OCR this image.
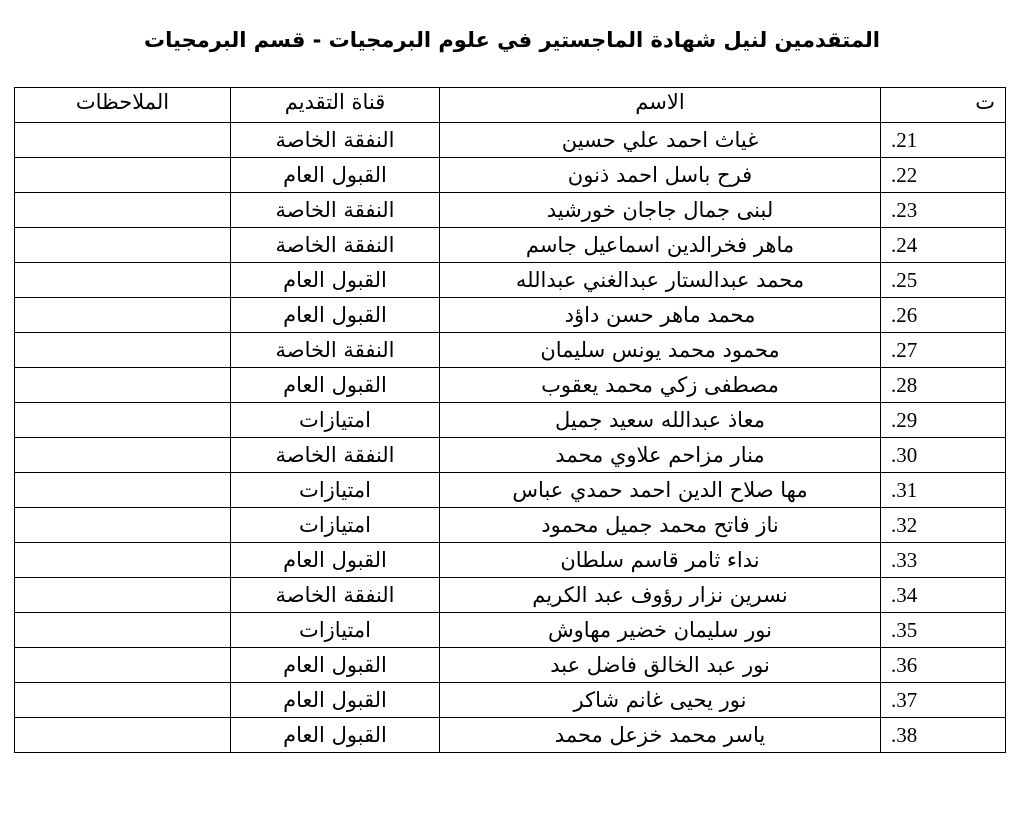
المتقدمين لنيل شهادة الماجستير في علوم البرمجيات - قسم البرمجيات
ت	الاسم	قناة التقديم	الملاحظات
21.	غياث احمد علي حسين	النفقة الخاصة	
22.	فرح باسل احمد ذنون	القبول العام	
23.	لبنى جمال جاجان خورشيد	النفقة الخاصة	
24.	ماهر فخرالدين اسماعيل جاسم	النفقة الخاصة	
25.	محمد عبدالستار عبدالغني عبدالله	القبول العام	
26.	محمد ماهر حسن داؤد	القبول العام	
27.	محمود محمد يونس سليمان	النفقة الخاصة	
28.	مصطفى زكي محمد يعقوب	القبول العام	
29.	معاذ عبدالله سعيد جميل	امتيازات	
30.	منار مزاحم علاوي محمد	النفقة الخاصة	
31.	مها صلاح الدين احمد حمدي عباس	امتيازات	
32.	ناز فاتح محمد جميل محمود	امتيازات	
33.	نداء ثامر قاسم سلطان	القبول العام	
34.	نسرين نزار رؤوف عبد الكريم	النفقة الخاصة	
35.	نور سليمان خضير مهاوش	امتيازات	
36.	نور عبد الخالق فاضل عبد	القبول العام	
37.	نور يحيى غانم شاكر	القبول العام	
38.	ياسر محمد خزعل محمد	القبول العام	
